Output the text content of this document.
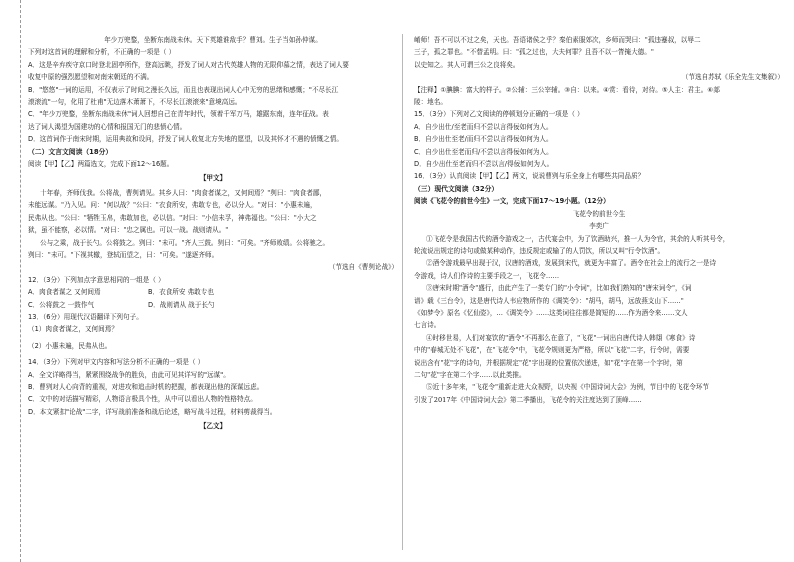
年少万兜鍪，坐断东南战未休。天下英雄谁敌手？曹刘。生子当如孙仲谋。
下列对这首词的理解和分析，不正确的一项是（ ）
A．这是辛弃疾守京口时登北固亭所作，登高远眺，抒发了词人对古代英雄人物的无限仰慕之情，表达了词人要
收复中原的强烈愿望和对南宋朝廷的不满。
B．"悠悠"一词的运用，不仅表示了时间之漫长久远，而且也表现出词人心中无穷的思绪和感慨；"不尽长江
滚滚流"一句，化用了杜甫"无边落木萧萧下，不尽长江滚滚来"意境高远。
C．"年少万兜鍪，坐断东南战未休"词人回想自己在青年时代，领着千军万马，雄踞东南，连年征战。表
达了词人渴望为国建功的心情和报国无门的悲愤心情。
D．这首词作于南宋时期，运用典故和设问，抒发了词人收复北方失地的愿望，以及其怀才不遇的愤慨之情。
（二）文言文阅读（18分）
阅读【甲】【乙】两篇选文，完成下面12～16题。
【甲文】
十年春，齐师伐我。公将战，曹刿请见。其乡人曰："肉食者谋之，又何间焉？"刿曰："肉食者鄙，
未能远谋。"乃入见。问："何以战？"公曰："衣食所安，弗敢专也，必以分人。"对曰："小惠未遍，
民弗从也。"公曰："牺牲玉帛，弗敢加也，必以信。"对曰："小信未孚，神弗福也。"公曰："小大之
狱，虽不能察，必以情。"对曰："忠之属也。可以一战。战则请从。"
公与之乘，战于长勺。公将鼓之。刿曰："未可。"齐人三鼓。刿曰："可矣。"齐师败绩。公将驰之。
刿曰："未可。"下视其辙，登轼而望之，曰："可矣。"遂逐齐师。
（节选自《曹刿论战》）
12．（3分）下列加点字意思相同的一组是（ ）
A．肉食者谋之 又何间焉	B．衣食所安 弗敢专也
C．公将鼓之 一鼓作气	D．战则请从 战于长勺
13．（6分）用现代汉语翻译下列句子。
（1）肉食者谋之，又何间焉？
（2）小惠未遍，民弗从也。
14．（3分）下列对甲文内容和写法分析不正确的一项是（ ）
A．全文详略得当，紧紧围绕战争的胜负，由此可见其详写的"远谋"。
B．曹刿对人心向背的重视，对进攻和追击时机的把握，都表现出他的深谋远虑。
C．文中的对话描写精彩，人物语言极具个性，从中可以看出人物的性格特点。
D．本文紧扣"论战"二字，详写战前准备和战后论述，略写战斗过程，材料剪裁得当。
【乙文】
崤师！吾不可以不过之矣，天也。吾语诸侯之乎？秦伯素服郊次，乡师而哭曰："孤违蹇叔，以辱二
三子，孤之罪也。"不替孟明。曰："孤之过也，大夫何罪？且吾不以一眚掩大德。"
以史知之。其人可谓三公之良将矣。
（节选自苏轼《乐全先生文集叙》）
【注释】①腆腆：富大的样子。②公辅：三公宰辅。③自：以来。④赏：看待，对待。⑤人主：君主。⑥郯
陵：地名。
15．（3分）下列对乙文阅读的停顿划分正确的一项是（ ）
A．自少出仕/至老而归不尝以言得佞如何为人。
B．自少出仕至老/而归不尝以言得佞如何为人。
C．自少出仕至老而归/不尝以言得佞如何为人。
D．自少出仕至老而归不尝以言/得佞如何为人。
16．（3分）认真阅读【甲】【乙】两文，说说曹刿与乐全身上有哪些共同品质？
（三）现代文阅读（32分）
阅读《飞花令的前世今生》一文，完成下面17～19小题。（12分）
飞花令的前世今生
李奕广
①飞花令是我国古代的酒令游戏之一，古代宴会中，为了饮酒助兴，推一人为令官，其余的人听其号令，
轮流说出规定的诗句或做某种动作，违反规定或输了的人罚饮，所以又叫"行令饮酒"。
②酒令游戏最早出现于汉，汉唐的酒戏，发展到宋代，就更为丰富了。酒令在社会上的流行之一是诗
令游戏，诗人们作诗的主要手段之一，飞花令……
③唐宋时期"酒令"盛行，由此产生了一类专门的"小令词"，比如我们熟知的"唐宋词令"，《词
谱》载《三台令》，这是唐代诗人韦应物所作的《调笑令》："胡马，胡马，远放燕支山下……"
《如梦令》原名《忆仙姿》，…《调笑令》……这类词往往都是简短的……作为酒令来……文人
七言诗。
④时移世易，人们对宴饮的"酒令"不再那么在意了，"飞花"一词出自唐代诗人韩翃《寒食》诗
中的"春城无处不飞花"，在"飞花令"中，飞花令规则更为严格，所以"飞花"二字，行令时，需要
说出含有"花"字的诗句，并根据规定"花"字出现的位置依次递进，如"花"字在第一个字时，第
二句"花"字在第二个字……以此类推。
⑤近十多年来，"飞花令"重新走进大众视野，以央视《中国诗词大会》为例，节目中的飞花令环节
引发了2017年《中国诗词大会》第二季播出，飞花令的关注度达到了顶峰……
